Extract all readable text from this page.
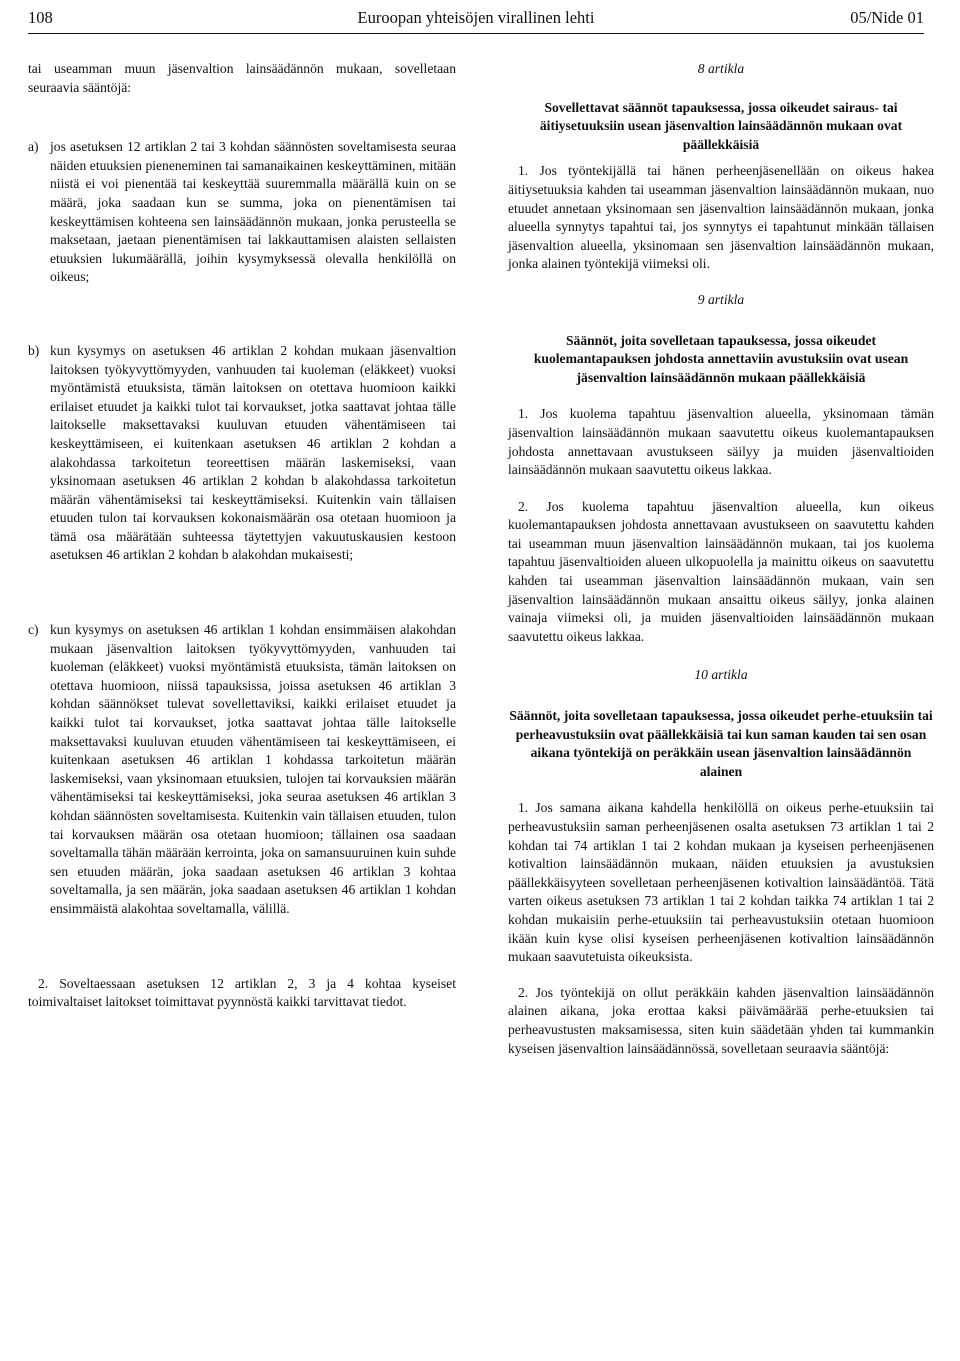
108	Euroopan yhteisöjen virallinen lehti	05/Nide 01

tai useamman muun jäsenvaltion lainsäädännön mukaan, sovelletaan seuraavia sääntöjä:

a) jos asetuksen 12 artiklan 2 tai 3 kohdan säännösten soveltamisesta seuraa näiden etuuksien pieneneminen tai samanaikainen keskeyttäminen, mitään niistä ei voi pienentää tai keskeyttää suuremmalla määrällä kuin on se määrä, joka saadaan kun se summa, joka on pienentämisen tai keskeyttämisen kohteena sen lainsäädännön mukaan, jonka perusteella se maksetaan, jaetaan pienentämisen tai lakkauttamisen alaisten sellaisten etuuksien lukumäärällä, joihin kysymyksessä olevalla henkilöllä on oikeus;
b) kun kysymys on asetuksen 46 artiklan 2 kohdan mukaan jäsenvaltion laitoksen työkyvyttömyyden, vanhuuden tai kuoleman (eläkkeet) vuoksi myöntämistä etuuksista, tämän laitoksen on otettava huomioon kaikki erilaiset etuudet ja kaikki tulot tai korvaukset, jotka saattavat johtaa tälle laitokselle maksettavaksi kuuluvan etuuden vähentämiseen tai keskeyttämiseen, ei kuitenkaan asetuksen 46 artiklan 2 kohdan a alakohdassa tarkoitetun teoreettisen määrän laskemiseksi, vaan yksinomaan asetuksen 46 artiklan 2 kohdan b alakohdassa tarkoitetun määrän vähentämiseksi tai keskeyttämiseksi. Kuitenkin vain tällaisen etuuden tulon tai korvauksen kokonaismäärän osa otetaan huomioon ja tämä osa määrätään suhteessa täytettyjen vakuutuskausien kestoon asetuksen 46 artiklan 2 kohdan b alakohdan mukaisesti;
c) kun kysymys on asetuksen 46 artiklan 1 kohdan ensimmäisen alakohdan mukaan jäsenvaltion laitoksen työkyvyttömyyden, vanhuuden tai kuoleman (eläkkeet) vuoksi myöntämistä etuuksista, tämän laitoksen on otettava huomioon, niissä tapauksissa, joissa asetuksen 46 artiklan 3 kohdan säännökset tulevat sovellettaviksi, kaikki erilaiset etuudet ja kaikki tulot tai korvaukset, jotka saattavat johtaa tälle laitokselle maksettavaksi kuuluvan etuuden vähentämiseen tai keskeyttämiseen, ei kuitenkaan asetuksen 46 artiklan 1 kohdassa tarkoitetun määrän laskemiseksi, vaan yksinomaan etuuksien, tulojen tai korvauksien määrän vähentämiseksi tai keskeyttämiseksi, joka seuraa asetuksen 46 artiklan 3 kohdan säännösten soveltamisesta. Kuitenkin vain tällaisen etuuden, tulon tai korvauksen määrän osa otetaan huomioon; tällainen osa saadaan soveltamalla tähän määrään kerrointa, joka on samansuuruinen kuin suhde sen etuuden määrän, joka saadaan asetuksen 46 artiklan 3 kohtaa soveltamalla, ja sen määrän, joka saadaan asetuksen 46 artiklan 1 kohdan ensimmäistä alakohtaa soveltamalla, välillä.

2. Soveltaessaan asetuksen 12 artiklan 2, 3 ja 4 kohtaa kyseiset toimivaltaiset laitokset toimittavat pyynnöstä kaikki tarvittavat tiedot.

8 artikla
Sovellettavat säännöt tapauksessa, jossa oikeudet sairaus- tai äitiysetuuksiin usean jäsenvaltion lainsäädännön mukaan ovat päällekkäisiä

1. Jos työntekijällä tai hänen perheenjäsenellään on oikeus hakea äitiysetuuksia kahden tai useamman jäsenvaltion lainsäädännön mukaan, nuo etuudet annetaan yksinomaan sen jäsenvaltion lainsäädännön mukaan, jonka alueella synnytys tapahtui tai, jos synnytys ei tapahtunut minkään tällaisen jäsenvaltion alueella, yksinomaan sen jäsenvaltion lainsäädännön mukaan, jonka alainen työntekijä viimeksi oli.

9 artikla
Säännöt, joita sovelletaan tapauksessa, jossa oikeudet kuolemantapauksen johdosta annettaviin avustuksiin ovat usean jäsenvaltion lainsäädännön mukaan päällekkäisiä

1. Jos kuolema tapahtuu jäsenvaltion alueella, yksinomaan tämän jäsenvaltion lainsäädännön mukaan saavutettu oikeus kuolemantapauksen johdosta annettavaan avustukseen säilyy ja muiden jäsenvaltioiden lainsäädännön mukaan saavutettu oikeus lakkaa.

2. Jos kuolema tapahtuu jäsenvaltion alueella, kun oikeus kuolemantapauksen johdosta annettavaan avustukseen on saavutettu kahden tai useamman muun jäsenvaltion lainsäädännön mukaan, tai jos kuolema tapahtuu jäsenvaltioiden alueen ulkopuolella ja mainittu oikeus on saavutettu kahden tai useamman jäsenvaltion lainsäädännön mukaan, vain sen jäsenvaltion lainsäädännön mukaan ansaittu oikeus säilyy, jonka alainen vainaja viimeksi oli, ja muiden jäsenvaltioiden lainsäädännön mukaan saavutettu oikeus lakkaa.

10 artikla
Säännöt, joita sovelletaan tapauksessa, jossa oikeudet perhe-etuuksiin tai perheavustuksiin ovat päällekkäisiä tai kun saman kauden tai sen osan aikana työntekijä on peräkkäin usean jäsenvaltion lainsäädännön alainen

1. Jos samana aikana kahdella henkilöllä on oikeus perhe-etuuksiin tai perheavustuksiin saman perheenjäsenen osalta asetuksen 73 artiklan 1 tai 2 kohdan tai 74 artiklan 1 tai 2 kohdan mukaan ja kyseisen perheenjäsenen kotivaltion lainsäädännön mukaan, näiden etuuksien ja avustuksien päällekkäisyyteen sovelletaan perheenjäsenen kotivaltion lainsäädäntöä. Tätä varten oikeus asetuksen 73 artiklan 1 tai 2 kohdan taikka 74 artiklan 1 tai 2 kohdan mukaisiin perhe-etuuksiin tai perheavustuksiin otetaan huomioon ikään kuin kyse olisi kyseisen perheenjäsenen kotivaltion lainsäädännön mukaan saavutetuista oikeuksista.

2. Jos työntekijä on ollut peräkkäin kahden jäsenvaltion lainsäädännön alainen aikana, joka erottaa kaksi päivämäärää perhe-etuuksien tai perheavustusten maksamisessa, siten kuin säädetään yhden tai kummankin kyseisen jäsenvaltion lainsäädännössä, sovelletaan seuraavia sääntöjä:
